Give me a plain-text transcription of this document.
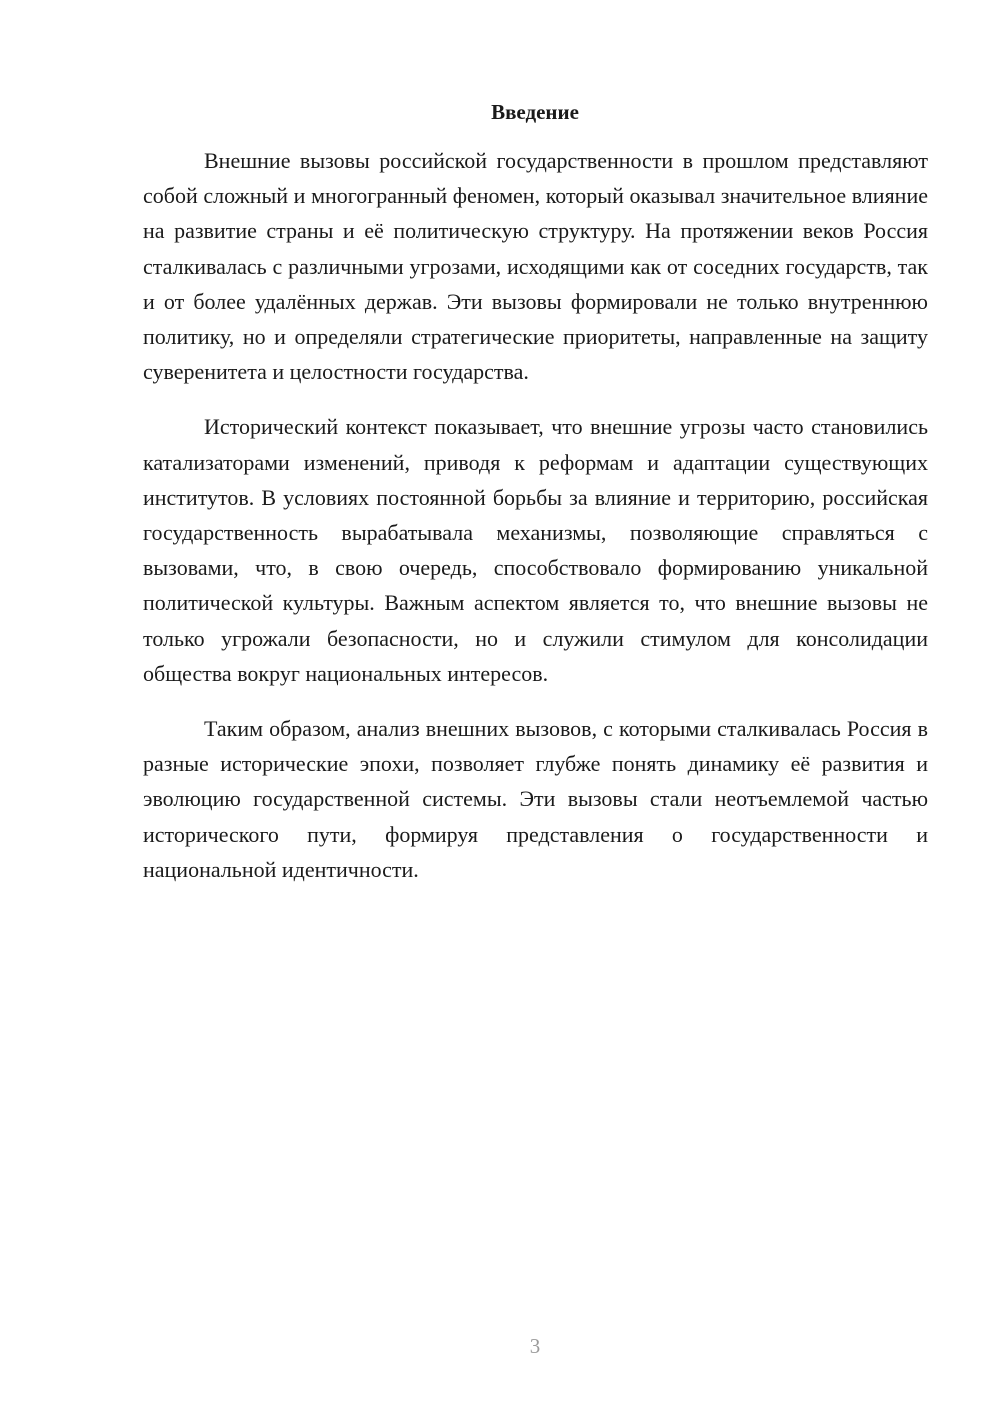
Введение

Внешние вызовы российской государственности в прошлом представляют собой сложный и многогранный феномен, который оказывал значительное влияние на развитие страны и её политическую структуру. На протяжении веков Россия сталкивалась с различными угрозами, исходящими как от соседних государств, так и от более удалённых держав. Эти вызовы формировали не только внутреннюю политику, но и определяли стратегические приоритеты, направленные на защиту суверенитета и целостности государства.

Исторический контекст показывает, что внешние угрозы часто становились катализаторами изменений, приводя к реформам и адаптации существующих институтов. В условиях постоянной борьбы за влияние и территорию, российская государственность вырабатывала механизмы, позволяющие справляться с вызовами, что, в свою очередь, способствовало формированию уникальной политической культуры. Важным аспектом является то, что внешние вызовы не только угрожали безопасности, но и служили стимулом для консолидации общества вокруг национальных интересов.

Таким образом, анализ внешних вызовов, с которыми сталкивалась Россия в разные исторические эпохи, позволяет глубже понять динамику её развития и эволюцию государственной системы. Эти вызовы стали неотъемлемой частью исторического пути, формируя представления о государственности и национальной идентичности.

3
